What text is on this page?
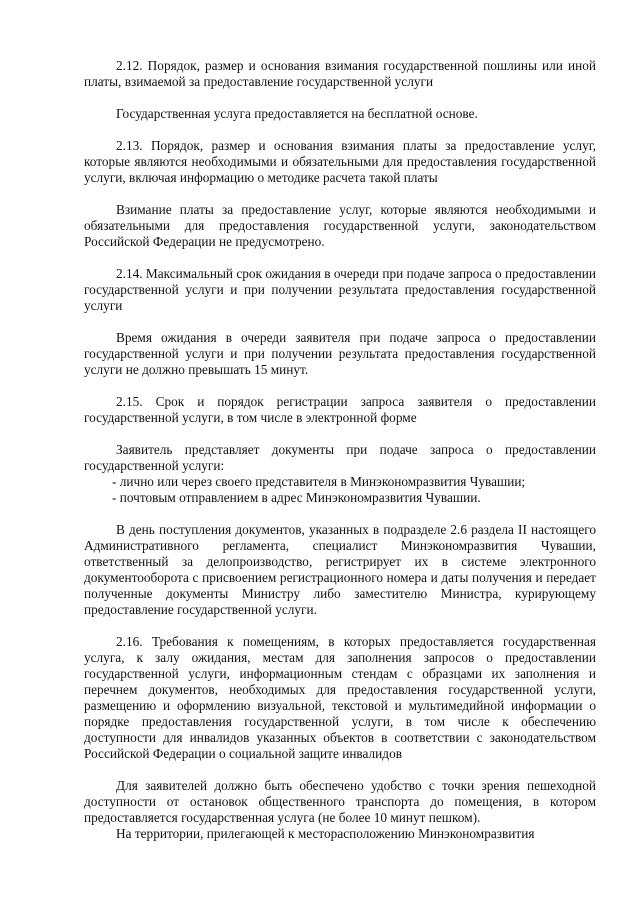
2.12. Порядок, размер и основания взимания государственной пошлины или иной платы, взимаемой за предоставление государственной услуги

Государственная услуга предоставляется на бесплатной основе.

2.13. Порядок, размер и основания взимания платы за предоставление услуг, которые являются необходимыми и обязательными для предоставления государственной услуги, включая информацию о методике расчета такой платы

Взимание платы за предоставление услуг, которые являются необходимыми и обязательными для предоставления государственной услуги, законодательством Российской Федерации не предусмотрено.

2.14. Максимальный срок ожидания в очереди при подаче запроса о предоставлении государственной услуги и при получении результата предоставления государственной услуги

Время ожидания в очереди заявителя при подаче запроса о предоставлении государственной услуги и при получении результата предоставления государственной услуги не должно превышать 15 минут.

2.15. Срок и порядок регистрации запроса заявителя о предоставлении государственной услуги, в том числе в электронной форме

Заявитель представляет документы при подаче запроса о предоставлении государственной услуги:

- лично или через своего представителя в Минэкономразвития Чувашии;

- почтовым отправлением в адрес Минэкономразвития Чувашии.

В день поступления документов, указанных в подразделе 2.6 раздела II настоящего Административного регламента, специалист Минэкономразвития Чувашии, ответственный за делопроизводство, регистрирует их в системе электронного документооборота с присвоением регистрационного номера и даты получения и передает полученные документы Министру либо заместителю Министра, курирующему предоставление государственной услуги.

2.16. Требования к помещениям, в которых предоставляется государственная услуга, к залу ожидания, местам для заполнения запросов о предоставлении государственной услуги, информационным стендам с образцами их заполнения и перечнем документов, необходимых для предоставления государственной услуги, размещению и оформлению визуальной, текстовой и мультимедийной информации о порядке предоставления государственной услуги, в том числе к обеспечению доступности для инвалидов указанных объектов в соответствии с законодательством Российской Федерации о социальной защите инвалидов

Для заявителей должно быть обеспечено удобство с точки зрения пешеходной доступности от остановок общественного транспорта до помещения, в котором предоставляется государственная услуга (не более 10 минут пешком).

На территории, прилегающей к месторасположению Минэкономразвития
